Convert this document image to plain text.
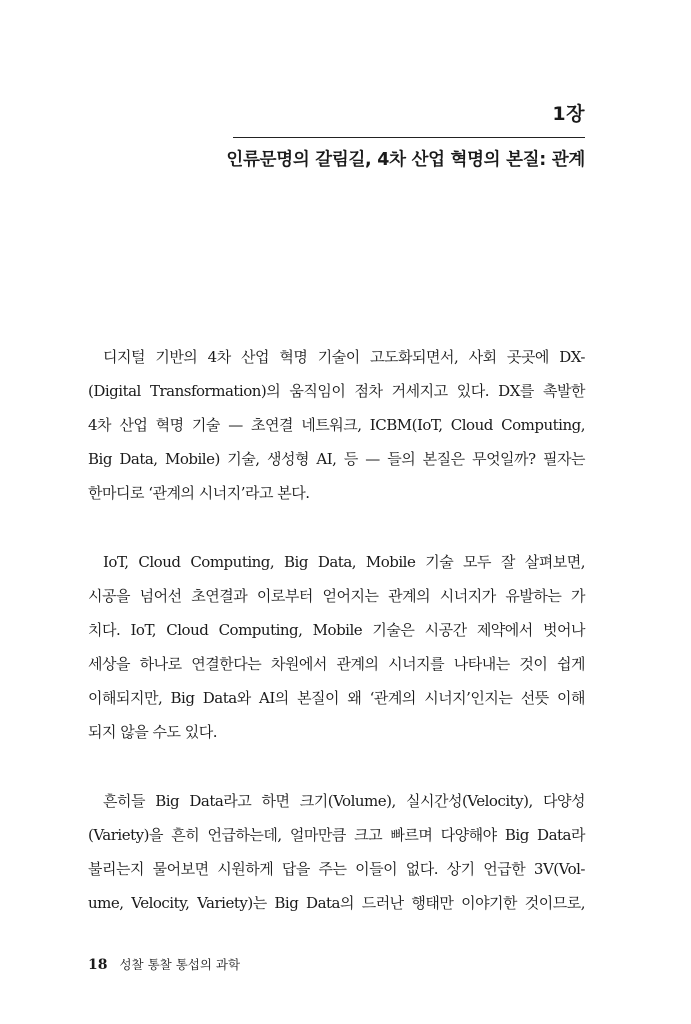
1장
인류문명의 갈림길, 4차 산업 혁명의 본질: 관계
디지털 기반의 4차 산업 혁명 기술이 고도화되면서, 사회 곳곳에 DX-
(Digital Transformation)의 움직임이 점차 거세지고 있다. DX를 촉발한
4차 산업 혁명 기술 — 초연결 네트워크, ICBM(IoT, Cloud Computing,
Big Data, Mobile) 기술, 생성형 AI, 등 — 들의 본질은 무엇일까? 필자는
한마디로 ‘관계의 시너지’라고 본다.
IoT, Cloud Computing, Big Data, Mobile 기술 모두 잘 살펴보면,
시공을 넘어선 초연결과 이로부터 얻어지는 관계의 시너지가 유발하는 가
치다. IoT, Cloud Computing, Mobile 기술은 시공간 제약에서 벗어나
세상을 하나로 연결한다는 차원에서 관계의 시너지를 나타내는 것이 쉽게
이해되지만, Big Data와 AI의 본질이 왜 ‘관계의 시너지’인지는 선뜻 이해
되지 않을 수도 있다.
흔히들 Big Data라고 하면 크기(Volume), 실시간성(Velocity), 다양성
(Variety)을 흔히 언급하는데, 얼마만큼 크고 빠르며 다양해야 Big Data라
불리는지 물어보면 시원하게 답을 주는 이들이 없다. 상기 언급한 3V(Vol-
ume, Velocity, Variety)는 Big Data의 드러난 행태만 이야기한 것이므로,
18 성찰 통찰 통섭의 과학
